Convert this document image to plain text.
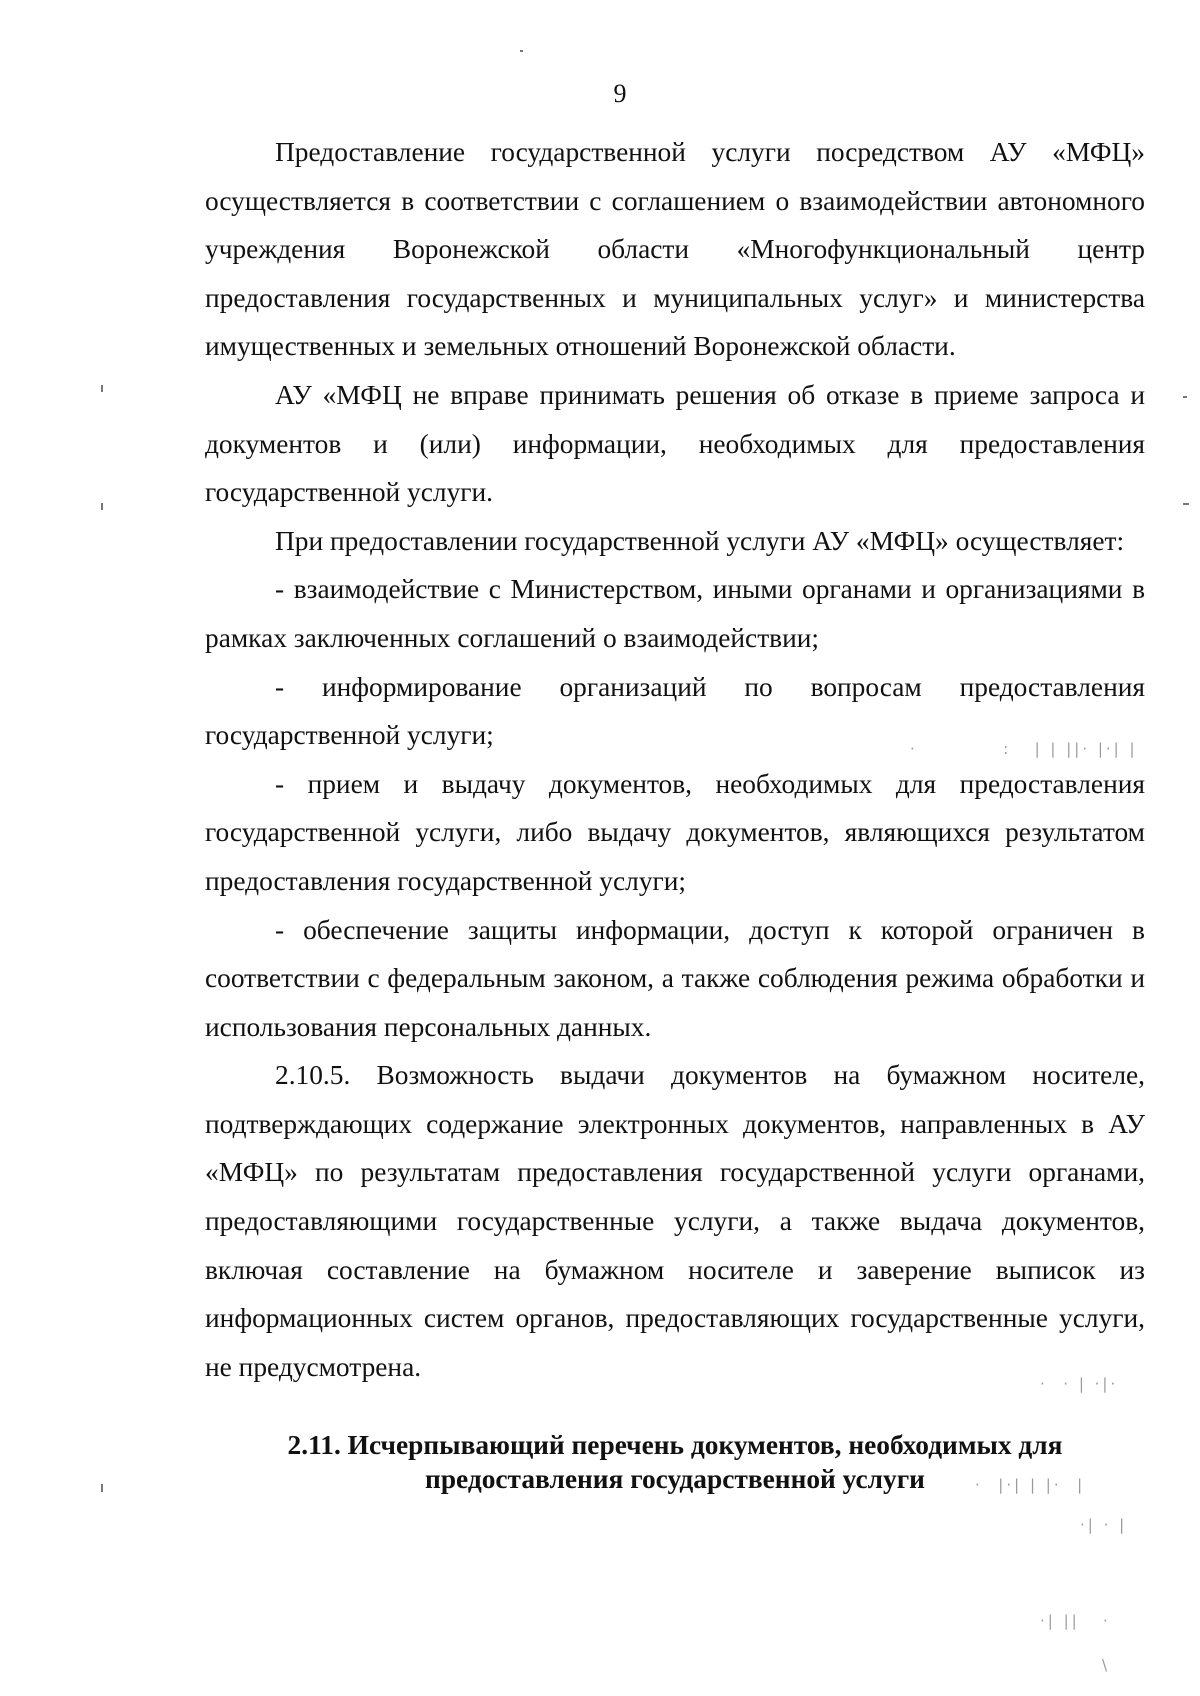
9

Предоставление государственной услуги посредством АУ «МФЦ» осуществляется в соответствии с соглашением о взаимодействии автономного учреждения Воронежской области «Многофункциональный центр предоставления государственных и муниципальных услуг» и министерства имущественных и земельных отношений Воронежской области.

АУ «МФЦ не вправе принимать решения об отказе в приеме запроса и документов и (или) информации, необходимых для предоставления государственной услуги.

При предоставлении государственной услуги АУ «МФЦ» осуществляет:

- взаимодействие с Министерством, иными органами и организациями в рамках заключенных соглашений о взаимодействии;

- информирование организаций по вопросам предоставления государственной услуги;

- прием и выдачу документов, необходимых для предоставления государственной услуги, либо выдачу документов, являющихся результатом предоставления государственной услуги;

- обеспечение защиты информации, доступ к которой ограничен в соответствии с федеральным законом, а также соблюдения режима обработки и использования персональных данных.

2.10.5. Возможность выдачи документов на бумажном носителе, подтверждающих содержание электронных документов, направленных в АУ «МФЦ» по результатам предоставления государственной услуги органами, предоставляющими государственные услуги, а также выдача документов, включая составление на бумажном носителе и заверение выписок из информационных систем органов, предоставляющих государственные услуги, не предусмотрена.

2.11. Исчерпывающий перечень документов, необходимых для
предоставления государственной услуги
·           :   | | ||· |·| |
·  · | ·|·
·  |·| | |·  |
·| · |
·| ||   ·
\
